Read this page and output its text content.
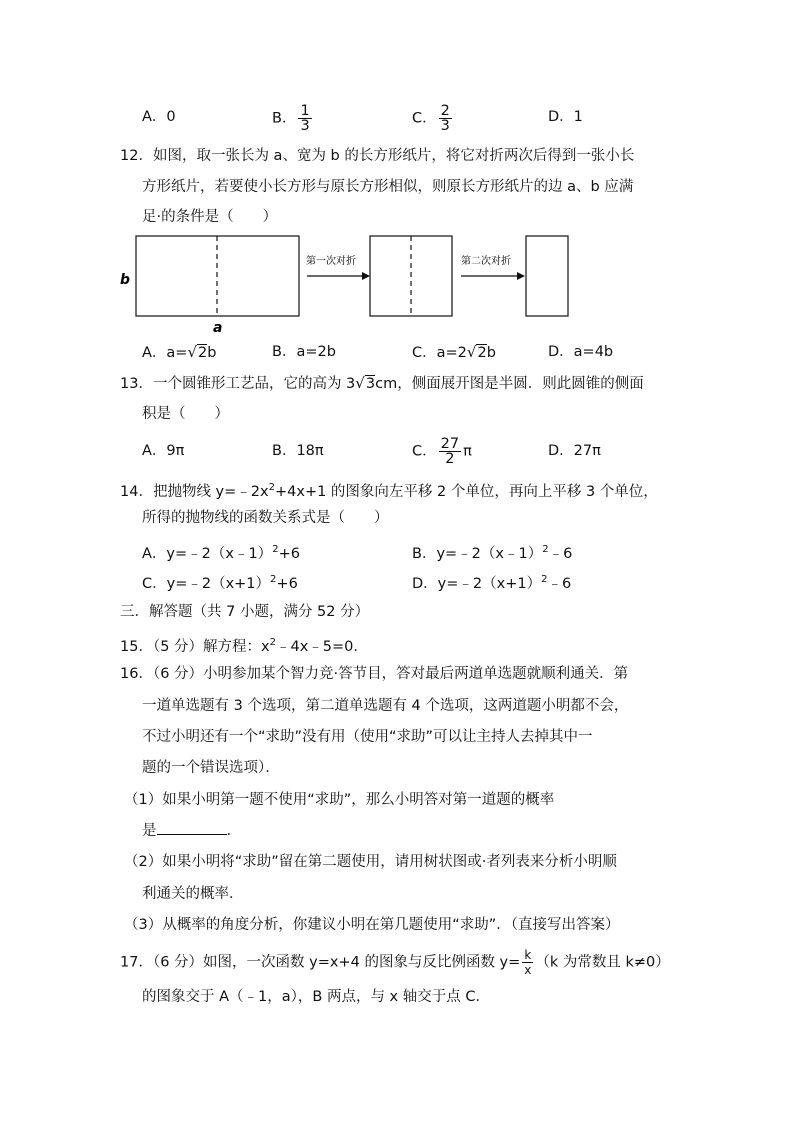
A．0	B． $\frac{1}{3}$	C． $\frac{2}{3}$	D．1
12．如图，取一张长为 a、宽为 b 的长方形纸片，将它对折两次后得到一张小长
方形纸片，若要使小长方形与原长方形相似，则原长方形纸片的边 a、b 应满
足·的条件是（　　）
b
a
第一次对折	第二次对折
A．a=√2b	B．a=2b	C．a=2√2b	D．a=4b
13．一个圆锥形工艺品，它的高为 3√3cm，侧面展开图是半圆．则此圆锥的侧面
积是（　　）
A．9π	B．18π	C． $\frac{27}{2}$ π	D．27π
14．把抛物线 $y=﹣2x^2+4x+1$ 的图象向左平移 2 个单位，再向上平移 3 个单位，
所得的抛物线的函数关系式是（　　）
A．y=﹣2（x﹣1）$^2$+6	B．y=﹣2（x﹣1）$^2$﹣6
C．$y=﹣2(x+1)^2+6$	D．$y=﹣2(x+1)^2﹣6$
三．解答题（共 7 小题，满分 52 分）
15．（5 分）解方程：$x^2﹣4x﹣5=0$．
16．（6 分）小明参加某个智力竞·答节目，答对最后两道单选题就顺利通关．第
一道单选题有 3 个选项，第二道单选题有 4 个选项，这两道题小明都不会，
不过小明还有一个“求助”没有用（使用“求助”可以让主持人去掉其中一
题的一个错误选项）．
（1）如果小明第一题不使用“求助”，那么小明答对第一道题的概率
是	．
（2）如果小明将“求助”留在第二题使用，请用树状图或·者列表来分析小明顺
利通关的概率．
（3）从概率的角度分析，你建议小明在第几题使用“求助”．（直接写出答案）
17．（6 分）如图，一次函数 y=x+4 的图象与反比例函数 $y= \frac{k}{x} (k$ 为常数且 k≠0）
的图象交于 A（﹣1，a），B 两点，与 x 轴交于点 C．
